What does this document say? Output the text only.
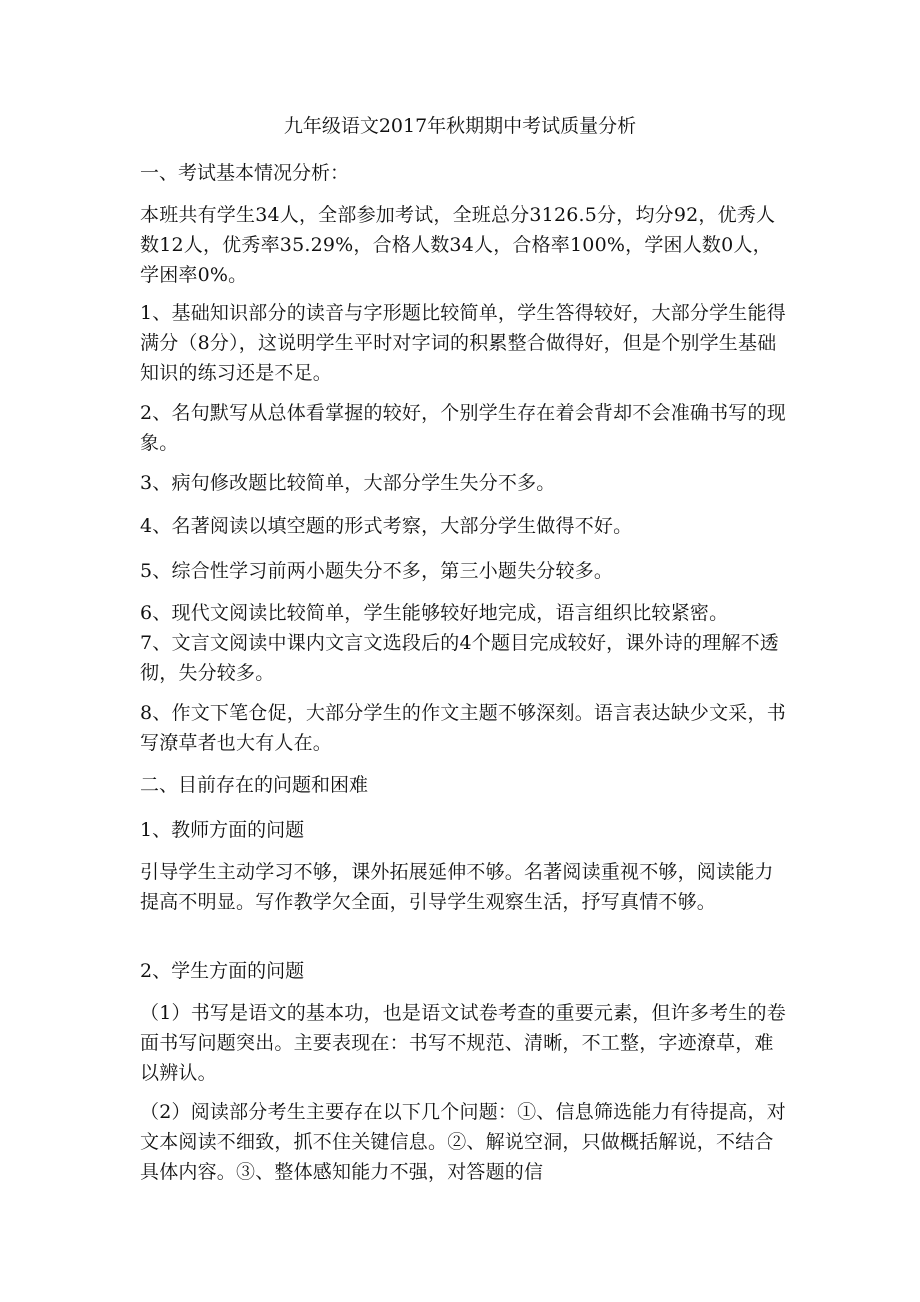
九年级语文2017年秋期期中考试质量分析
一、考试基本情况分析：

本班共有学生34人，全部参加考试，全班总分3126.5分，均分92，优秀人数12人，优秀率35.29%，合格人数34人，合格率100%，学困人数0人，学困率0%。

1、基础知识部分的读音与字形题比较简单，学生答得较好，大部分学生能得满分（8分），这说明学生平时对字词的积累整合做得好，但是个别学生基础知识的练习还是不足。

2、名句默写从总体看掌握的较好，个别学生存在着会背却不会准确书写的现象。

3、病句修改题比较简单，大部分学生失分不多。

4、名著阅读以填空题的形式考察，大部分学生做得不好。

5、综合性学习前两小题失分不多，第三小题失分较多。

6、现代文阅读比较简单，学生能够较好地完成，语言组织比较紧密。

7、文言文阅读中课内文言文选段后的4个题目完成较好，课外诗的理解不透彻，失分较多。

8、作文下笔仓促，大部分学生的作文主题不够深刻。语言表达缺少文采，书写潦草者也大有人在。

二、目前存在的问题和困难
1、教师方面的问题

引导学生主动学习不够，课外拓展延伸不够。名著阅读重视不够，阅读能力提高不明显。写作教学欠全面，引导学生观察生活，抒写真情不够。

2、学生方面的问题

（1）书写是语文的基本功，也是语文试卷考查的重要元素，但许多考生的卷面书写问题突出。主要表现在：书写不规范、清晰，不工整，字迹潦草，难以辨认。

（2）阅读部分考生主要存在以下几个问题：①、信息筛选能力有待提高，对文本阅读不细致，抓不住关键信息。②、解说空洞，只做概括解说，不结合具体内容。③、整体感知能力不强，对答题的信
